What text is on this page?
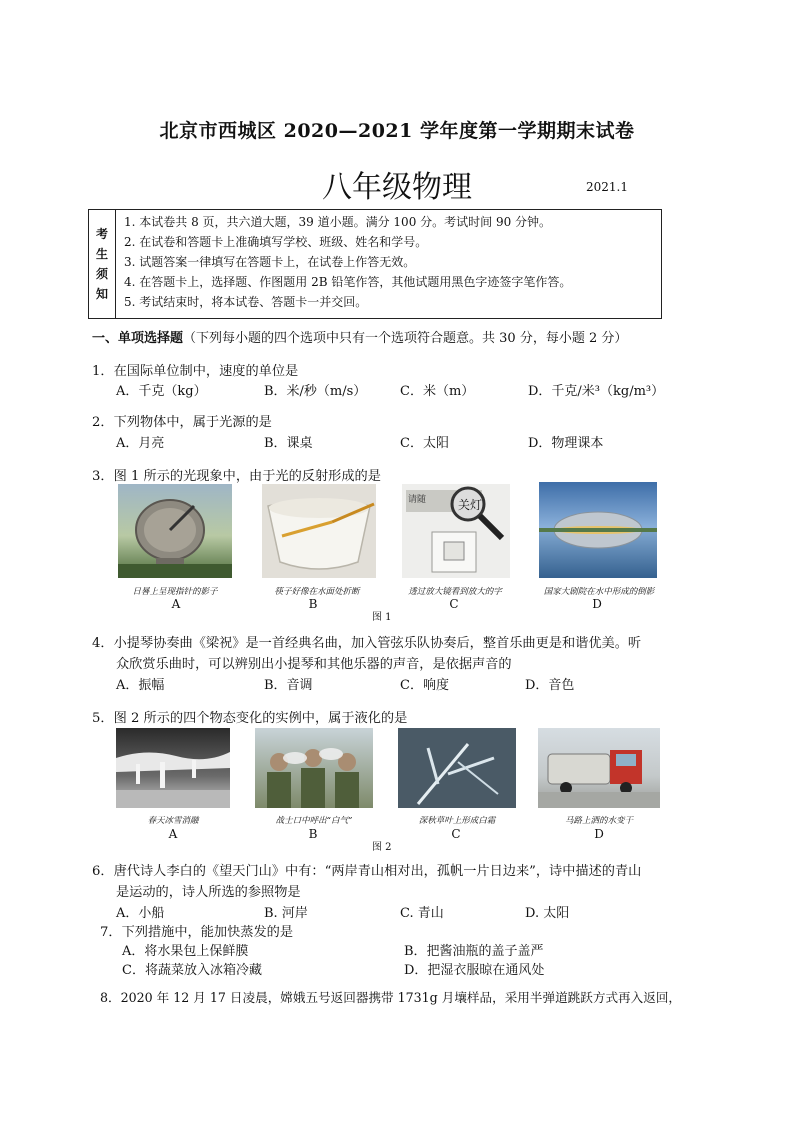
北京市西城区 2020—2021 学年度第一学期期末试卷
八年级物理	2021.1
考
生
须
知
1. 本试卷共 8 页，共六道大题，39 道小题。满分 100 分。考试时间 90 分钟。
2. 在试卷和答题卡上准确填写学校、班级、姓名和学号。
3. 试题答案一律填写在答题卡上，在试卷上作答无效。
4. 在答题卡上，选择题、作图题用 2B 铅笔作答，其他试题用黑色字迹签字笔作答。
5. 考试结束时，将本试卷、答题卡一并交回。
一、单项选择题（下列每小题的四个选项中只有一个选项符合题意。共 30 分，每小题 2 分）
1．在国际单位制中，速度的单位是
A．千克（kg）	B．米/秒（m/s）	C．米（m）	D．千克/米³（kg/m³）
2．下列物体中，属于光源的是
A．月亮	B．课桌	C．太阳	D．物理课本
3．图 1 所示的光现象中，由于光的反射形成的是
请随	关灯
日晷上呈现指针的影子	筷子好像在水面处折断	透过放大镜看到放大的字	国家大剧院在水中形成的倒影
A	B	C	D
图 1
4．小提琴协奏曲《梁祝》是一首经典名曲，加入管弦乐队协奏后，整首乐曲更是和谐优美。听
众欣赏乐曲时，可以辨别出小提琴和其他乐器的声音，是依据声音的
A．振幅	B．音调	C．响度	D．音色
5．图 2 所示的四个物态变化的实例中，属于液化的是
春天冰雪消融	战士口中呼出“白气”	深秋草叶上形成白霜	马路上洒的水变干
A	B	C	D
图 2
6．唐代诗人李白的《望天门山》中有：“两岸青山相对出，孤帆一片日边来”，诗中描述的青山
是运动的，诗人所选的参照物是
A．小船	B. 河岸	C. 青山	D. 太阳
7．下列措施中，能加快蒸发的是
A．将水果包上保鲜膜	B．把酱油瓶的盖子盖严
C．将蔬菜放入冰箱冷藏	D．把湿衣服晾在通风处
8．2020 年 12 月 17 日凌晨，嫦娥五号返回器携带 1731g 月壤样品，采用半弹道跳跃方式再入返回，
